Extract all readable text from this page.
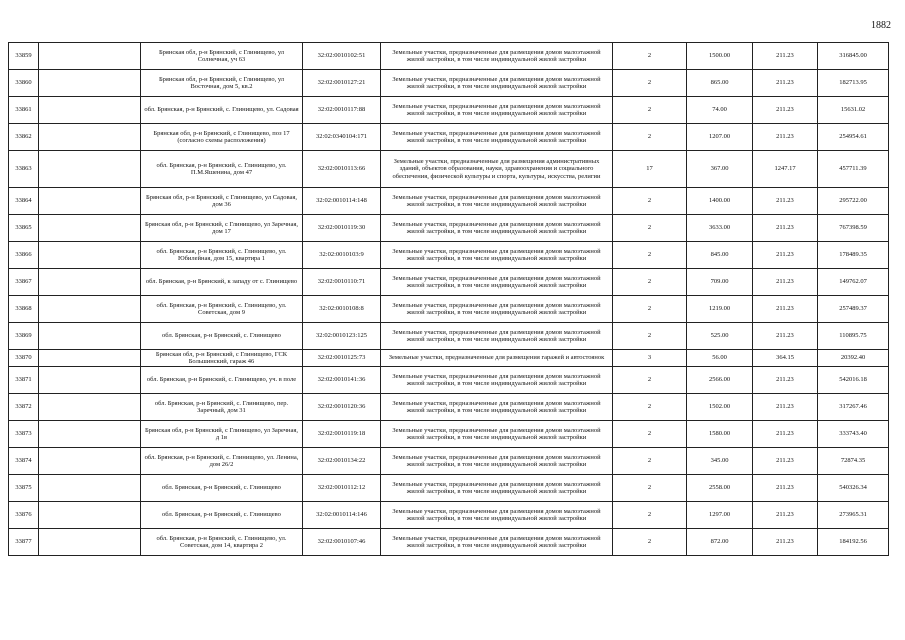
1882
33859		Брянская обл, р-н Брянский, с Глинищево, ул Солнечная, уч 63	32:02:0010102:51	Земельные участки, предназначенные для размещения домов малоэтажной жилой застройки, в том числе индивидуальной жилой застройки	2	1500.00	211.23	316845.00
33860		Брянская обл, р-н Брянский, с Глинищево, ул Восточная, дом 5, кв.2	32:02:0010127:21	Земельные участки, предназначенные для размещения домов малоэтажной жилой застройки, в том числе индивидуальной жилой застройки	2	865.00	211.23	182713.95
33861		обл. Брянская, р-н Брянский, с. Глинищево, ул. Садовая	32:02:0010117:88	Земельные участки, предназначенные для размещения домов малоэтажной жилой застройки, в том числе индивидуальной жилой застройки	2	74.00	211.23	15631.02
33862		Брянская обл, р-н Брянский, с Глинищево, поз 17 (согласно схемы расположения)	32:02:0340104:171	Земельные участки, предназначенные для размещения домов малоэтажной жилой застройки, в том числе индивидуальной жилой застройки	2	1207.00	211.23	254954.61
33863		обл. Брянская, р-н Брянский, с. Глинищево, ул. П.М.Яшенина, дом 47	32:02:0010113:66	Земельные участки, предназначенные для размещения административных зданий, объектов образования, науки, здравоохранения и социального обеспечения, физической культуры и спорта, культуры, искусства, религии	17	367.00	1247.17	457711.39
33864		Брянская обл, р-н Брянский, с Глинищево, ул Садовая, дом 36	32:02:0010114:148	Земельные участки, предназначенные для размещения домов малоэтажной жилой застройки, в том числе индивидуальной жилой застройки	2	1400.00	211.23	295722.00
33865		Брянская обл, р-н Брянский, с Глинищево, ул Заречная, дом 17	32:02:0010119:30	Земельные участки, предназначенные для размещения домов малоэтажной жилой застройки, в том числе индивидуальной жилой застройки	2	3633.00	211.23	767398.59
33866		обл. Брянская, р-н Брянский, с. Глинищево, ул. Юбилейная, дом 15, квартира 1	32:02:0010103:9	Земельные участки, предназначенные для размещения домов малоэтажной жилой застройки, в том числе индивидуальной жилой застройки	2	845.00	211.23	178489.35
33867		обл. Брянская, р-н Брянский, к западу от с. Глинищево	32:02:0010110:71	Земельные участки, предназначенные для размещения домов малоэтажной жилой застройки, в том числе индивидуальной жилой застройки	2	709.00	211.23	149762.07
33868		обл. Брянская, р-н Брянский, с. Глинищево, ул. Советская, дом 9	32:02:0010108:8	Земельные участки, предназначенные для размещения домов малоэтажной жилой застройки, в том числе индивидуальной жилой застройки	2	1219.00	211.23	257489.37
33869		обл. Брянская, р-н Брянский, с. Глинищево	32:02:0010123:125	Земельные участки, предназначенные для размещения домов малоэтажной жилой застройки, в том числе индивидуальной жилой застройки	2	525.00	211.23	110895.75
33870		Брянская обл, р-н Брянский, с Глинищево, ГСК Большинский, гараж 46	32:02:0010125:73	Земельные участки, предназначенные для размещения гаражей и автостоянок	3	56.00	364.15	20392.40
33871		обл. Брянская, р-н Брянский, с. Глинищево, уч. в поле	32:02:0010141:36	Земельные участки, предназначенные для размещения домов малоэтажной жилой застройки, в том числе индивидуальной жилой застройки	2	2566.00	211.23	542016.18
33872		обл. Брянская, р-н Брянский, с. Глинищево, пер. Заречный, дом 31	32:02:0010120:36	Земельные участки, предназначенные для размещения домов малоэтажной жилой застройки, в том числе индивидуальной жилой застройки	2	1502.00	211.23	317267.46
33873		Брянская обл, р-н Брянский, с Глинищево, ул Заречная, д 1в	32:02:0010119:18	Земельные участки, предназначенные для размещения домов малоэтажной жилой застройки, в том числе индивидуальной жилой застройки	2	1580.00	211.23	333743.40
33874		обл. Брянская, р-н Брянский, с. Глинищево, ул. Ленина, дом 26/2	32:02:0010134:22	Земельные участки, предназначенные для размещения домов малоэтажной жилой застройки, в том числе индивидуальной жилой застройки	2	345.00	211.23	72874.35
33875		обл. Брянская, р-н Брянский, с. Глинищево	32:02:0010112:12	Земельные участки, предназначенные для размещения домов малоэтажной жилой застройки, в том числе индивидуальной жилой застройки	2	2558.00	211.23	540326.34
33876		обл. Брянская, р-н Брянский, с. Глинищево	32:02:0010114:146	Земельные участки, предназначенные для размещения домов малоэтажной жилой застройки, в том числе индивидуальной жилой застройки	2	1297.00	211.23	273965.31
33877		обл. Брянская, р-н Брянский, с. Глинищево, ул. Советская, дом 14, квартира 2	32:02:0010107:46	Земельные участки, предназначенные для размещения домов малоэтажной жилой застройки, в том числе индивидуальной жилой застройки	2	872.00	211.23	184192.56
